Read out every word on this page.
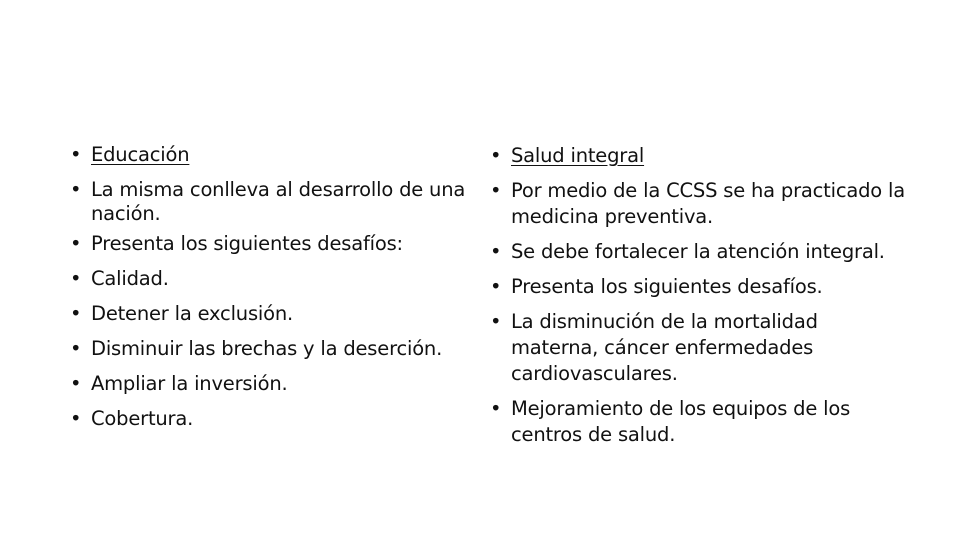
• Educación
• La misma conlleva al desarrollo de una nación.
• Presenta los siguientes desafíos:
• Calidad.
• Detener la exclusión.
• Disminuir las brechas y la deserción.
• Ampliar la inversión.
• Cobertura.
• Salud integral
• Por medio de la CCSS se ha practicado la medicina preventiva.
• Se debe fortalecer la atención integral.
• Presenta los siguientes desafíos.
• La disminución de la mortalidad materna, cáncer enfermedades cardiovasculares.
• Mejoramiento de los equipos de los centros de salud.
